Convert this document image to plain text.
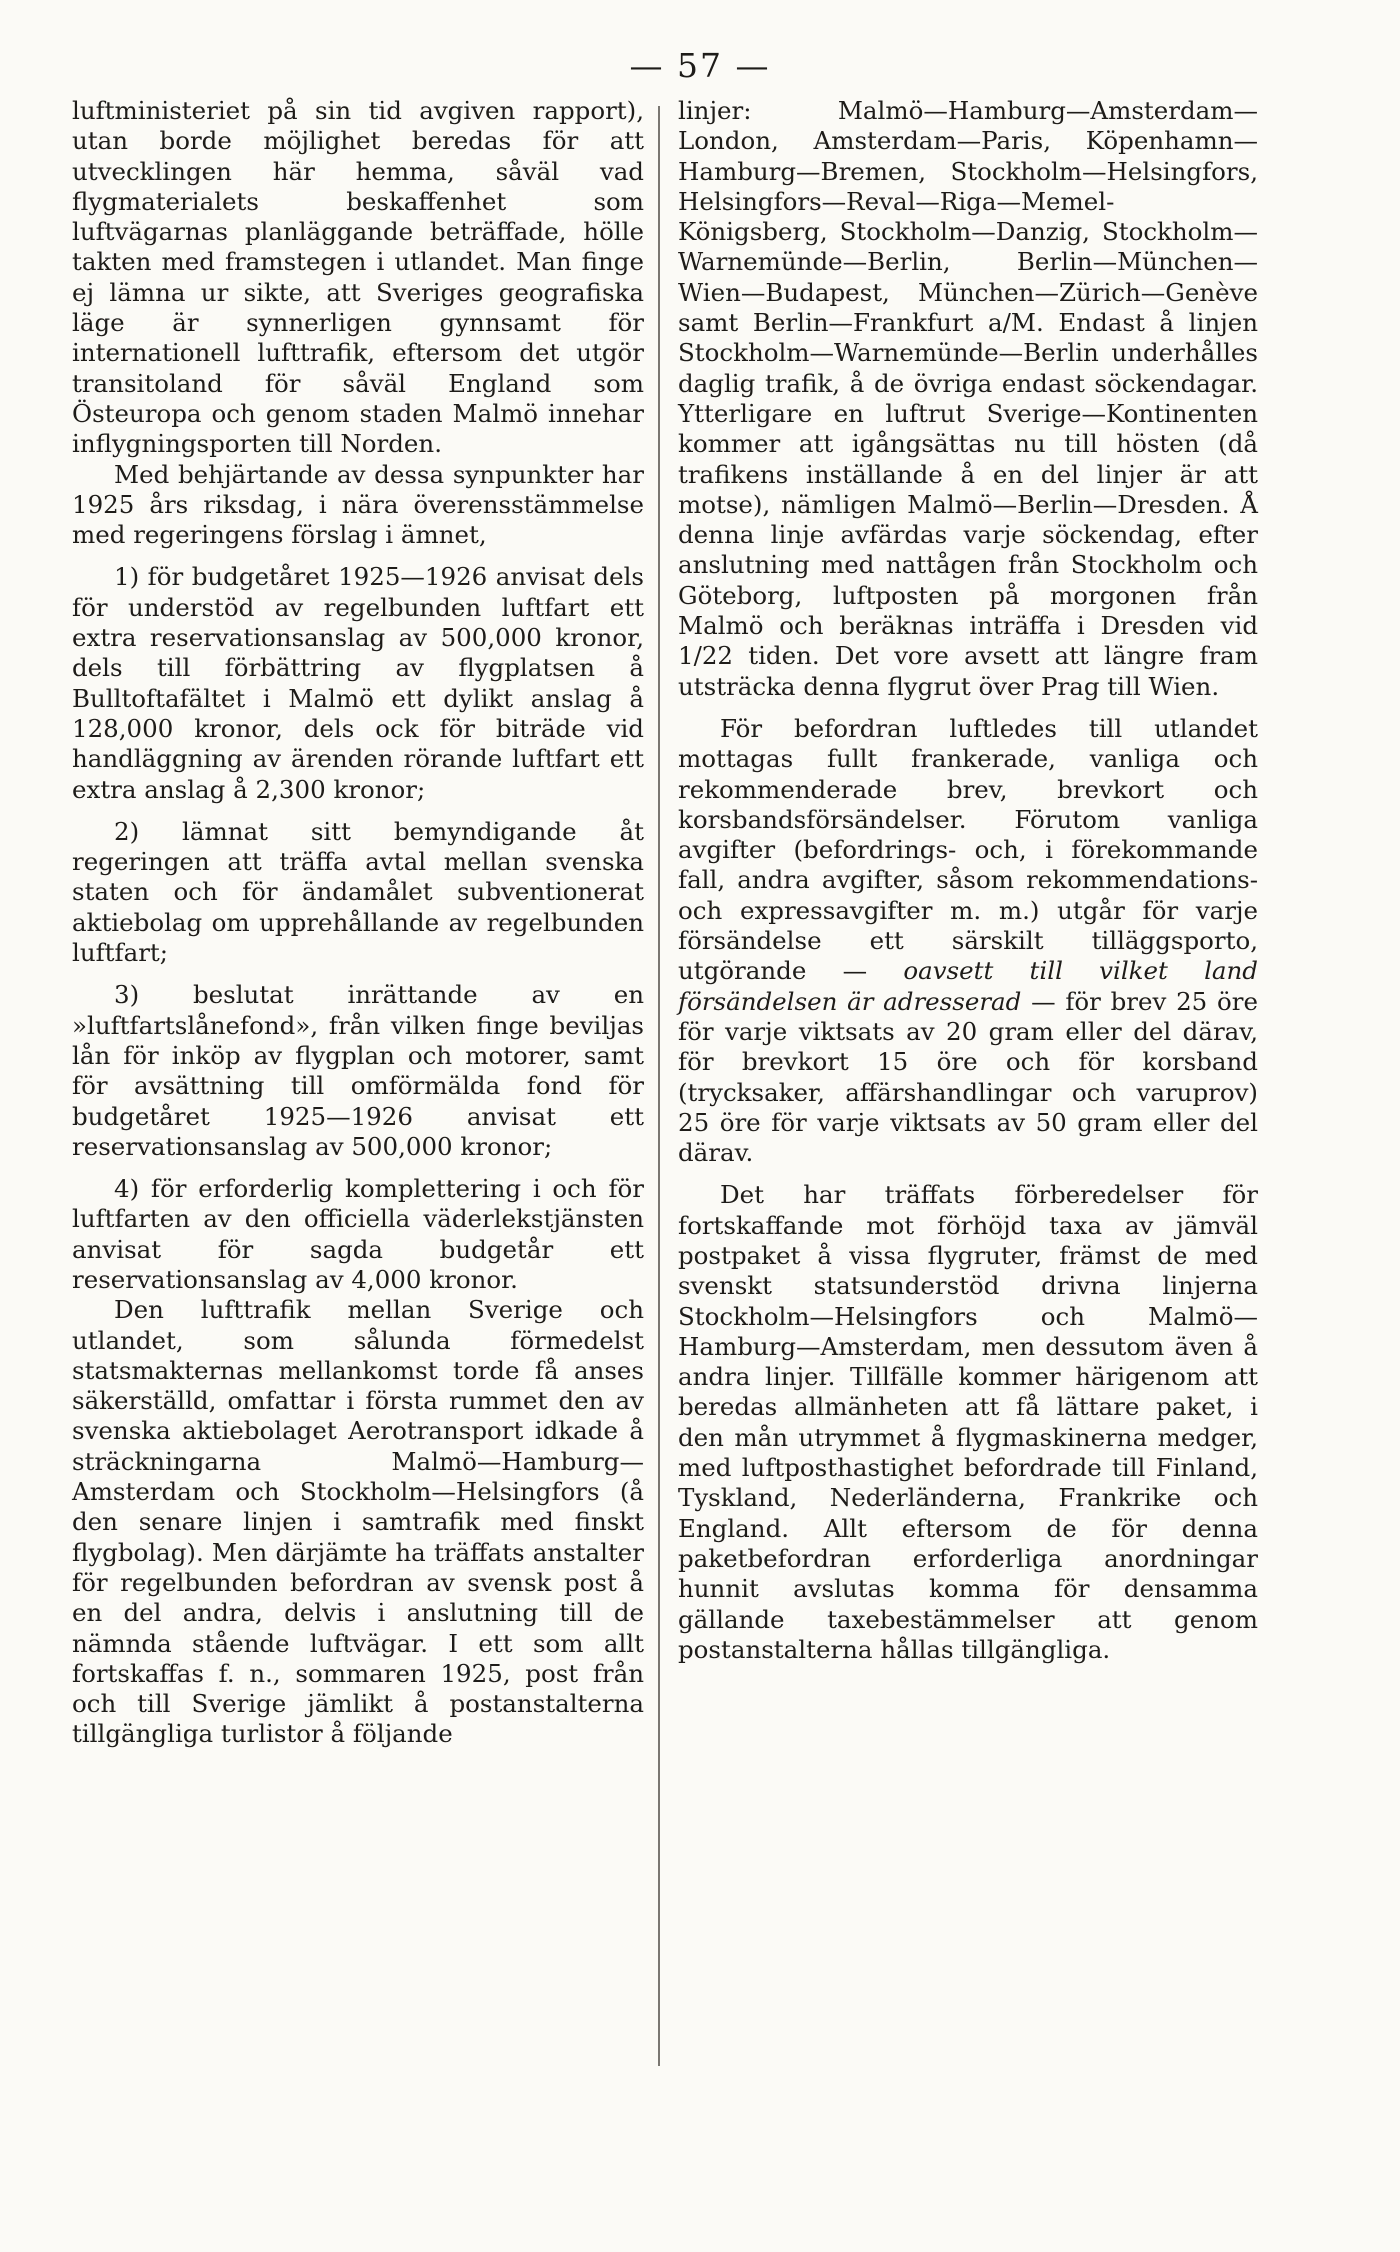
— 57 —

luftministeriet på sin tid avgiven rapport), utan borde möjlighet beredas för att utvecklingen här hemma, såväl vad flygmaterialets beskaffenhet som luftvägarnas planläggande beträffade, hölle takten med framstegen i utlandet. Man finge ej lämna ur sikte, att Sveriges geografiska läge är synnerligen gynnsamt för internationell lufttrafik, eftersom det utgör transitoland för såväl England som Östeuropa och genom staden Malmö innehar inflygningsporten till Norden.

Med behjärtande av dessa synpunkter har 1925 års riksdag, i nära överensstämmelse med regeringens förslag i ämnet,

1) för budgetåret 1925—1926 anvisat dels för understöd av regelbunden luftfart ett extra reservationsanslag av 500,000 kronor, dels till förbättring av flygplatsen å Bulltoftafältet i Malmö ett dylikt anslag å 128,000 kronor, dels ock för biträde vid handläggning av ärenden rörande luftfart ett extra anslag å 2,300 kronor;

2) lämnat sitt bemyndigande åt regeringen att träffa avtal mellan svenska staten och för ändamålet subventionerat aktiebolag om upprehållande av regelbunden luftfart;

3) beslutat inrättande av en »luftfartslånefond», från vilken finge beviljas lån för inköp av flygplan och motorer, samt för avsättning till omförmälda fond för budgetåret 1925—1926 anvisat ett reservationsanslag av 500,000 kronor;

4) för erforderlig komplettering i och för luftfarten av den officiella väderlekstjänsten anvisat för sagda budgetår ett reservationsanslag av 4,000 kronor.

Den lufttrafik mellan Sverige och utlandet, som sålunda förmedelst statsmakternas mellankomst torde få anses säkerställd, omfattar i första rummet den av svenska aktiebolaget Aerotransport idkade å sträckningarna Malmö—Hamburg—Amsterdam och Stockholm—Helsingfors (å den senare linjen i samtrafik med finskt flygbolag). Men därjämte ha träffats anstalter för regelbunden befordran av svensk post å en del andra, delvis i anslutning till de nämnda stående luftvägar. I ett som allt fortskaffas f. n., sommaren 1925, post från och till Sverige jämlikt å postanstalterna tillgängliga turlistor å följande

linjer: Malmö—Hamburg—Amsterdam—London, Amsterdam—Paris, Köpenhamn—Hamburg—Bremen, Stockholm—Helsingfors, Helsingfors—Reval—Riga—Memel-Königsberg, Stockholm—Danzig, Stockholm—Warnemünde—Berlin, Berlin—München—Wien—Budapest, München—Zürich—Genève samt Berlin—Frankfurt a/M. Endast å linjen Stockholm—Warnemünde—Berlin underhålles daglig trafik, å de övriga endast söckendagar. Ytterligare en luftrut Sverige—Kontinenten kommer att igångsättas nu till hösten (då trafikens inställande å en del linjer är att motse), nämligen Malmö—Berlin—Dresden. Å denna linje avfärdas varje söckendag, efter anslutning med nattågen från Stockholm och Göteborg, luftposten på morgonen från Malmö och beräknas inträffa i Dresden vid 1/22 tiden. Det vore avsett att längre fram utsträcka denna flygrut över Prag till Wien.

För befordran luftledes till utlandet mottagas fullt frankerade, vanliga och rekommenderade brev, brevkort och korsbandsförsändelser. Förutom vanliga avgifter (befordrings- och, i förekommande fall, andra avgifter, såsom rekommendations- och expressavgifter m. m.) utgår för varje försändelse ett särskilt tilläggsporto, utgörande — oavsett till vilket land försändelsen är adresserad — för brev 25 öre för varje viktsats av 20 gram eller del därav, för brevkort 15 öre och för korsband (trycksaker, affärshandlingar och varuprov) 25 öre för varje viktsats av 50 gram eller del därav.

Det har träffats förberedelser för fortskaffande mot förhöjd taxa av jämväl postpaket å vissa flygruter, främst de med svenskt statsunderstöd drivna linjerna Stockholm—Helsingfors och Malmö—Hamburg—Amsterdam, men dessutom även å andra linjer. Tillfälle kommer härigenom att beredas allmänheten att få lättare paket, i den mån utrymmet å flygmaskinerna medger, med luftposthastighet befordrade till Finland, Tyskland, Nederländerna, Frankrike och England. Allt eftersom de för denna paketbefordran erforderliga anordningar hunnit avslutas komma för densamma gällande taxebestämmelser att genom postanstalterna hållas tillgängliga.
